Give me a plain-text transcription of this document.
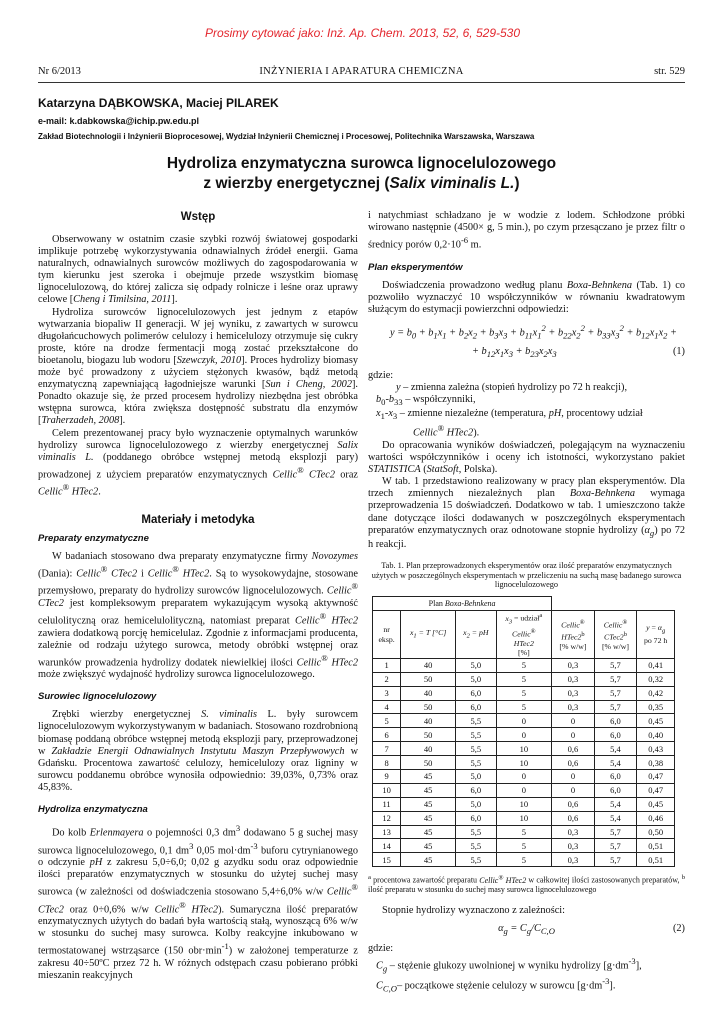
Prosimy cytować jako: Inż. Ap. Chem. 2013, 52, 6, 529-530
Nr 6/2013	INŻYNIERIA I APARATURA CHEMICZNA	str. 529
Katarzyna DĄBKOWSKA, Maciej PILAREK
e-mail: k.dabkowska@ichip.pw.edu.pl
Zakład Biotechnologii i Inżynierii Bioprocesowej, Wydział Inżynierii Chemicznej i Procesowej, Politechnika Warszawska, Warszawa
Hydroliza enzymatyczna surowca lignocelulozowego
z wierzby energetycznej (Salix viminalis L.)
Wstęp

Obserwowany w ostatnim czasie szybki rozwój światowej gospodarki implikuje potrzebę wykorzystywania odnawialnych źródeł energii. Gama naturalnych, odnawialnych surowców możliwych do zagospodarowania w tym kierunku jest szeroka i obejmuje przede wszystkim biomasę lignocelulozową, do której zalicza się odpady rolnicze i leśne oraz uprawy celowe [Cheng i Timilsina, 2011].

Hydroliza surowców lignocelulozowych jest jednym z etapów wytwarzania biopaliw II generacji. W jej wyniku, z zawartych w surowcu długołańcuchowych polimerów celulozy i hemicelulozy otrzymuje się cukry proste, które na drodze fermentacji mogą zostać przekształcone do bioetanolu, biogazu lub wodoru [Szewczyk, 2010]. Proces hydrolizy biomasy może być prowadzony z użyciem stężonych kwasów, bądź metodą enzymatyczną zapewniającą łagodniejsze warunki [Sun i Cheng, 2002]. Ponadto okazuje się, że przed procesem hydrolizy niezbędna jest obróbka wstępna surowca, która zwiększa dostępność substratu dla enzymów [Traherzadeh, 2008].

Celem prezentowanej pracy było wyznaczenie optymalnych warunków hydrolizy surowca lignocelulozowego z wierzby energetycznej Salix viminalis L. (poddanego obróbce wstępnej metodą eksplozji pary) prowadzonej z użyciem preparatów enzymatycznych Cellic® CTec2 oraz Cellic® HTec2.

Materiały i metodyka
Preparaty enzymatyczne

W badaniach stosowano dwa preparaty enzymatyczne firmy Novozymes (Dania): Cellic® CTec2 i Cellic® HTec2. Są to wysokowydajne, stosowane przemysłowo, preparaty do hydrolizy surowców lignocelulozowych. Cellic® CTec2 jest kompleksowym preparatem wykazującym wysoką aktywność celulolityczną oraz hemicelulolityczną, natomiast preparat Cellic® HTec2 zawiera dodatkową porcję hemicelulaz. Zgodnie z informacjami producenta, zależnie od rodzaju użytego surowca, metody obróbki wstępnej oraz warunków prowadzenia hydrolizy dodatek niewielkiej ilości Cellic® HTec2 może zwiększyć wydajność hydrolizy surowca lignocelulozowego.

Surowiec lignocelulozowy

Zrębki wierzby energetycznej S. viminalis L. były surowcem lignocelulozowym wykorzystywanym w badaniach. Stosowano rozdrobnioną biomasę poddaną obróbce wstępnej metodą eksplozji pary, przeprowadzonej w Zakładzie Energii Odnawialnych Instytutu Maszyn Przepływowych w Gdańsku. Procentowa zawartość celulozy, hemicelulozy oraz ligniny w surowcu poddanemu obróbce wynosiła odpowiednio: 39,03%, 0,73% oraz 45,83%.

Hydroliza enzymatyczna

Do kolb Erlenmayera o pojemności 0,3 $dm^3$ dodawano 5 g suchej masy surowca lignocelulozowego, 0,1 $dm^3$ 0,05 $mol\cdot dm^{-3}$ buforu cytrynianowego o odczynie pH z zakresu 5,0÷6,0; 0,02 g azydku sodu oraz odpowiednie ilości preparatów enzymatycznych w stosunku do użytej suchej masy surowca (w zależności od doświadczenia stosowano 5,4÷6,0% w/w Cellic® CTec2 oraz 0÷0,6% w/w Cellic® HTec2). Sumaryczna ilość preparatów enzymatycznych użytych do badań była wartością stałą, wynoszącą 6% w/w w stosunku do suchej masy surowca. Kolby reakcyjne inkubowano w termostatowanej wstrząsarce (150 $obr\cdot\min^{-1}$) w założonej temperaturze z zakresu 40÷50ºC przez 72 h. W różnych odstępach czasu pobierano próbki mieszanin reakcyjnych

i natychmiast schładzano je w wodzie z lodem. Schłodzone próbki wirowano następnie (4500× g, 5 min.), po czym przesączano je przez filtr o średnicy porów $0,2\cdot 10^{-6}$ m.

Plan eksperymentów

Doświadczenia prowadzono według planu Boxa-Behnkena (Tab. 1) co pozwoliło wyznaczyć 10 współczynników w równaniu kwadratowym służącym do estymacji powierzchni odpowiedzi:

$y = b_0 + b_1x_1 + b_2x_2 + b_3x_3 + b_{11}x_1^2 + b_{22}x_2^2 + b_{33}x_3^2 + b_{12}x_1x_2$ +
+ $b_{12}x_1x_3 + b_{23}x_2x_3$	(1)

gdzie:

y – zmienna zależna (stopień hydrolizy po 72 h reakcji),

$b_0-b_{33}$ – współczynniki,

$x_1-x_3$ – zmienne niezależne (temperatura, pH, procentowy udział

Cellic® HTec2).

Do opracowania wyników doświadczeń, polegającym na wyznaczeniu wartości współczynników i oceny ich istotności, wykorzystano pakiet STATISTICA (StatSoft, Polska).

W tab. 1 przedstawiono realizowany w pracy plan eksperymentów. Dla trzech zmiennych niezależnych plan Boxa-Behnkena wymaga przeprowadzenia 15 doświadczeń. Dodatkowo w tab. 1 umieszczono także dane dotyczące ilości dodawanych w poszczególnych eksperymentach preparatów enzymatycznych oraz odnotowane stopnie hydrolizy $(\alpha_g)$ po 72 h reakcji.

Tab. 1. Plan przeprowadzonych eksperymentów oraz ilość preparatów enzymatycznych użytych w poszczególnych eksperymentach w przeliczeniu na suchą masę badanego surowca lignocelulozowego
Plan Boxa-Behnkena						
nr
eksp.	$x_1 = T$ [°C]	$x_2$ = pH	$x_3$ = udział$^a$
Cellic®
HTec2
[%]	Cellic®
HTec2$^b$
[% w/w]	Cellic®
CTec2$^b$
[% w/w]	$y = \alpha_g$
po 72 h
1	40	5,0	5	0,3	5,7	0,41
2	50	5,0	5	0,3	5,7	0,32
3	40	6,0	5	0,3	5,7	0,42
4	50	6,0	5	0,3	5,7	0,35
5	40	5,5	0	0	6,0	0,45
6	50	5,5	0	0	6,0	0,40
7	40	5,5	10	0,6	5,4	0,43
8	50	5,5	10	0,6	5,4	0,38
9	45	5,0	0	0	6,0	0,47
10	45	6,0	0	0	6,0	0,47
11	45	5,0	10	0,6	5,4	0,45
12	45	6,0	10	0,6	5,4	0,46
13	45	5,5	5	0,3	5,7	0,50
14	45	5,5	5	0,3	5,7	0,51
15	45	5,5	5	0,3	5,7	0,51
$^a$ procentowa zawartość preparatu Cellic® HTec2 w całkowitej ilości zastosowanych preparatów, $^b$ ilość preparatu w stosunku do suchej masy surowca lignocelulozowego

Stopnie hydrolizy wyznaczono z zależności:

$\alpha_g = C_g/C_{C,O}$	(2)

gdzie:

$C_g$ – stężenie glukozy uwolnionej w wyniku hydrolizy $[g\cdot dm^{-3}]$,

$C_{C,O}-$ początkowe stężenie celulozy w surowcu $[g\cdot dm^{-3}]$.
